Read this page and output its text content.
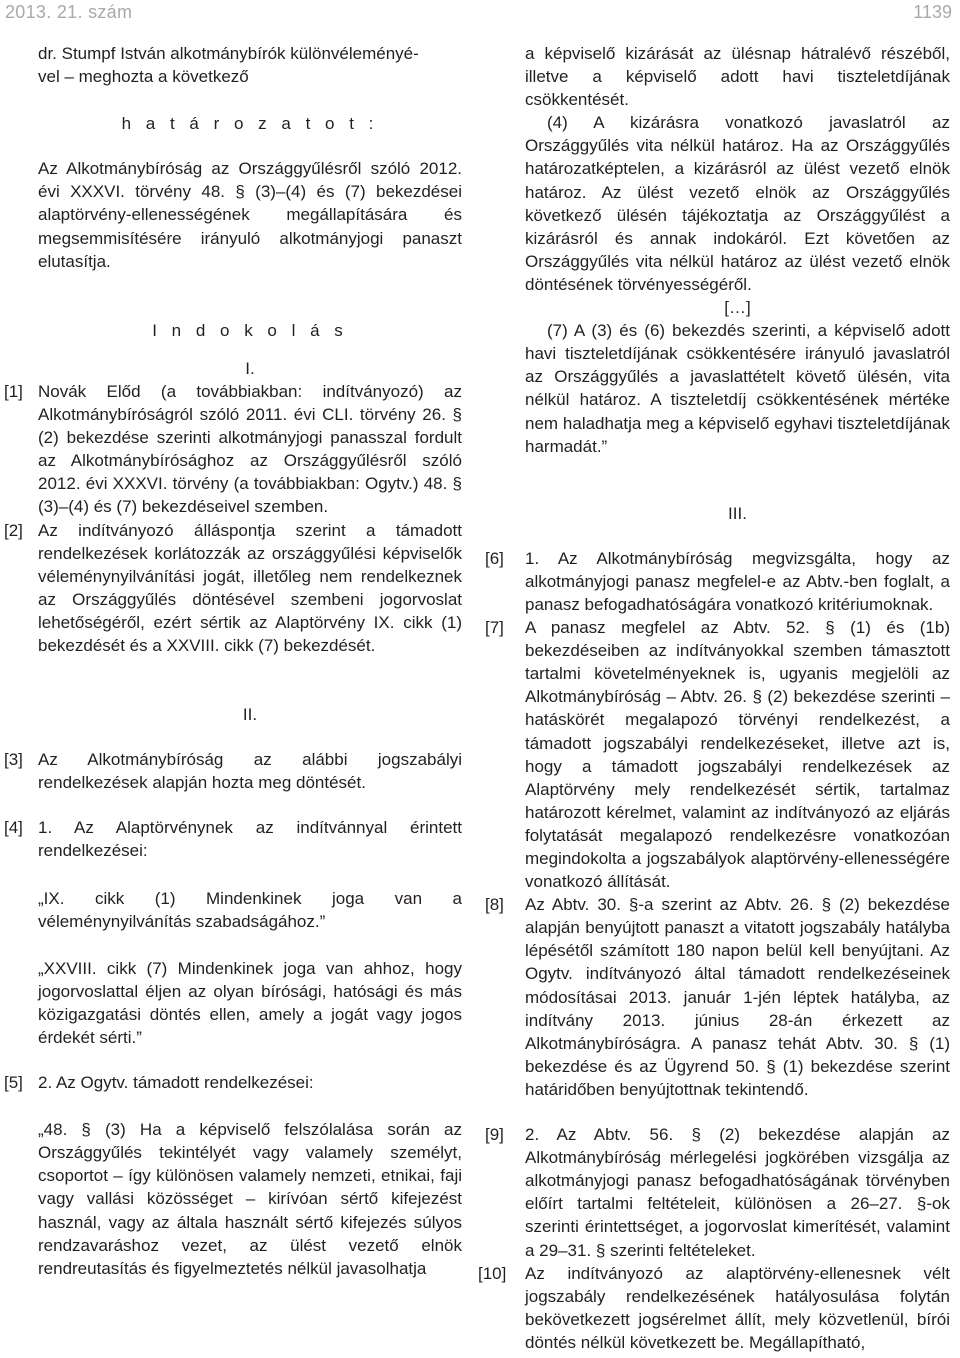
2013. 21. szám	1139

dr. Stumpf István alkotmánybírók különvéleményé-

vel – meghozta a következő

h a t á r o z a t o t :

Az Alkotmánybíróság az Országgyűlésről szóló 2012. évi XXXVI. törvény 48. § (3)–(4) és (7) bekezdései alaptörvény-ellenességének megállapítására és megsemmisítésére irányuló alkotmányjogi panaszt elutasítja.

I n d o k o l á s

I.

[1] Novák Előd (a továbbiakban: indítványozó) az Alkotmánybíróságról szóló 2011. évi CLI. törvény 26. § (2) bekezdése szerinti alkotmányjogi panasszal fordult az Alkotmánybírósághoz az Országgyűlésről szóló 2012. évi XXXVI. törvény (a továbbiakban: Ogytv.) 48. § (3)–(4) és (7) bekezdéseivel szemben.

[2] Az indítványozó álláspontja szerint a támadott rendelkezések korlátozzák az országgyűlési képviselők véleménynyilvánítási jogát, illetőleg nem rendelkeznek az Országgyűlés döntésével szembeni jogorvoslat lehetőségéről, ezért sértik az Alaptörvény IX. cikk (1) bekezdését és a XXVIII. cikk (7) bekezdését.

II.

[3] Az Alkotmánybíróság az alábbi jogszabályi rendelkezések alapján hozta meg döntését.

[4] 1. Az Alaptörvénynek az indítvánnyal érintett rendelkezései:

„IX. cikk (1) Mindenkinek joga van a véleménynyilvánítás szabadságához.”

„XXVIII. cikk (7) Mindenkinek joga van ahhoz, hogy jogorvoslattal éljen az olyan bírósági, hatósági és más közigazgatási döntés ellen, amely a jogát vagy jogos érdekét sérti.”

[5] 2. Az Ogytv. támadott rendelkezései:

„48. § (3) Ha a képviselő felszólalása során az Országgyűlés tekintélyét vagy valamely személyt, csoportot – így különösen valamely nemzeti, etnikai, faji vagy vallási közösséget – kirívóan sértő kifejezést használ, vagy az általa használt sértő kifejezés súlyos rendzavaráshoz vezet, az ülést vezető elnök rendreutasítás és figyelmeztetés nélkül javasolhatja

a képviselő kizárását az ülésnap hátralévő részéből, illetve a képviselő adott havi tiszteletdíjának csökkentését.

(4) A kizárásra vonatkozó javaslatról az Országgyűlés vita nélkül határoz. Ha az Országgyűlés határozatképtelen, a kizárásról az ülést vezető elnök határoz. Az ülést vezető elnök az Országgyűlés következő ülésén tájékoztatja az Országgyűlést a kizárásról és annak indokáról. Ezt követően az Országgyűlés vita nélkül határoz az ülést vezető elnök döntésének törvényességéről.

[…]

(7) A (3) és (6) bekezdés szerinti, a képviselő adott havi tiszteletdíjának csökkentésére irányuló javaslatról az Országgyűlés a javaslattételt követő ülésén, vita nélkül határoz. A tiszteletdíj csökkentésének mértéke nem haladhatja meg a képviselő egyhavi tiszteletdíjának harmadát.”

III.

[6] 1. Az Alkotmánybíróság megvizsgálta, hogy az alkotmányjogi panasz megfelel-e az Abtv.-ben foglalt, a panasz befogadhatóságára vonatkozó kritériumoknak.

[7] A panasz megfelel az Abtv. 52. § (1) és (1b) bekezdéseiben az indítványokkal szemben támasztott tartalmi követelményeknek is, ugyanis megjelöli az Alkotmánybíróság – Abtv. 26. § (2) bekezdése szerinti – hatáskörét megalapozó törvényi rendelkezést, a támadott jogszabályi rendelkezéseket, illetve azt is, hogy a támadott jogszabályi rendelkezések az Alaptörvény mely rendelkezését sértik, tartalmaz határozott kérelmet, valamint az indítványozó az eljárás folytatását megalapozó rendelkezésre vonatkozóan megindokolta a jogszabályok alaptörvény-ellenességére vonatkozó állítását.

[8] Az Abtv. 30. §-a szerint az Abtv. 26. § (2) bekezdése alapján benyújtott panaszt a vitatott jogszabály hatályba lépésétől számított 180 napon belül kell benyújtani. Az Ogytv. indítványozó által támadott rendelkezéseinek módosításai 2013. január 1-jén léptek hatályba, az indítvány 2013. június 28-án érkezett az Alkotmánybíróságra. A panasz tehát Abtv. 30. § (1) bekezdése és az Ügyrend 50. § (1) bekezdése szerint határidőben benyújtottnak tekintendő.

[9] 2. Az Abtv. 56. § (2) bekezdése alapján az Alkotmánybíróság mérlegelési jogkörében vizsgálja az alkotmányjogi panasz befogadhatóságának törvényben előírt tartalmi feltételeit, különösen a 26–27. §-ok szerinti érintettséget, a jogorvoslat kimerítését, valamint a 29–31. § szerinti feltételeket.

[10] Az indítványozó az alaptörvény-ellenesnek vélt jogszabály rendelkezésének hatályosulása folytán bekövetkezett jogsérelmet állít, mely közvetlenül, bírói döntés nélkül következett be. Megállapítható,
